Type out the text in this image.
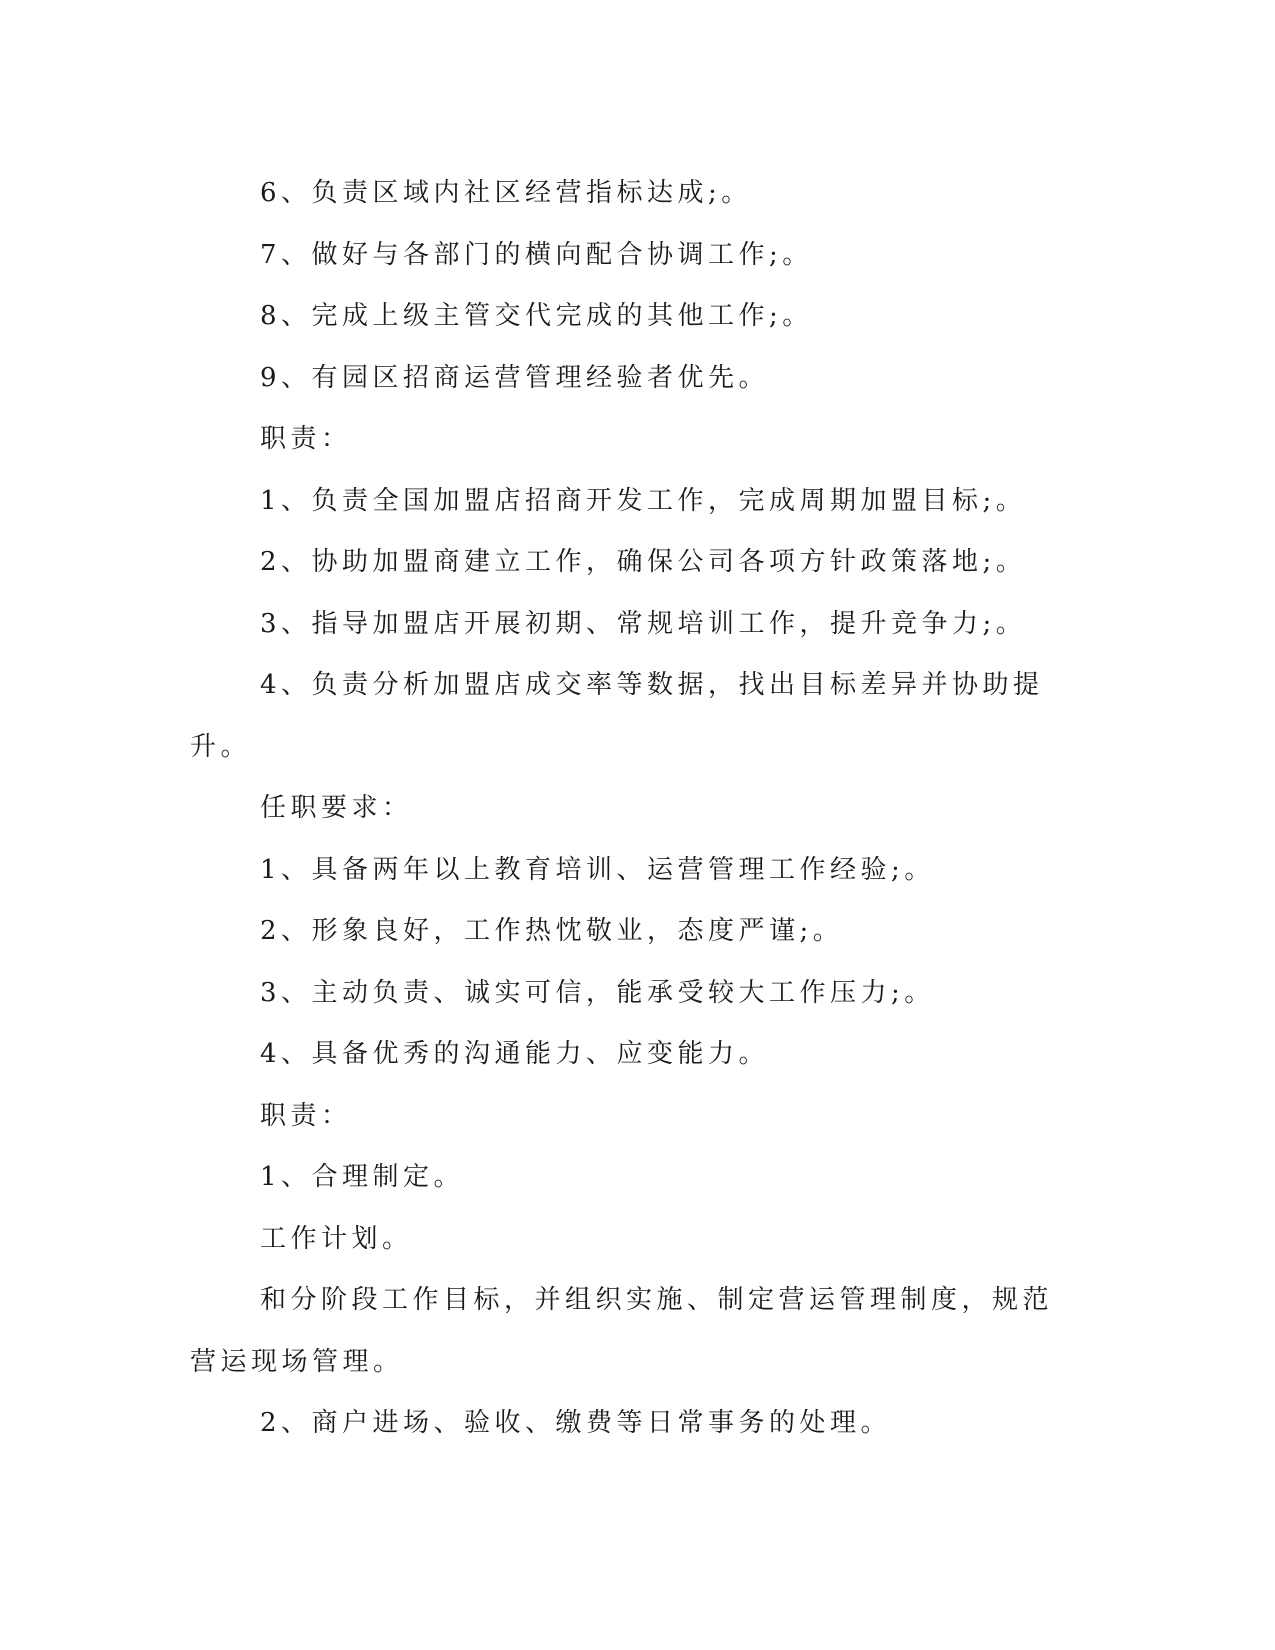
6、负责区域内社区经营指标达成;。

7、做好与各部门的横向配合协调工作;。

8、完成上级主管交代完成的其他工作;。

9、有园区招商运营管理经验者优先。

职责：

1、负责全国加盟店招商开发工作，完成周期加盟目标;。

2、协助加盟商建立工作，确保公司各项方针政策落地;。

3、指导加盟店开展初期、常规培训工作，提升竞争力;。

4、负责分析加盟店成交率等数据，找出目标差异并协助提升。

任职要求：

1、具备两年以上教育培训、运营管理工作经验;。

2、形象良好，工作热忱敬业，态度严谨;。

3、主动负责、诚实可信，能承受较大工作压力;。

4、具备优秀的沟通能力、应变能力。

职责：

1、合理制定。

工作计划。

和分阶段工作目标，并组织实施、制定营运管理制度，规范营运现场管理。

2、商户进场、验收、缴费等日常事务的处理。
